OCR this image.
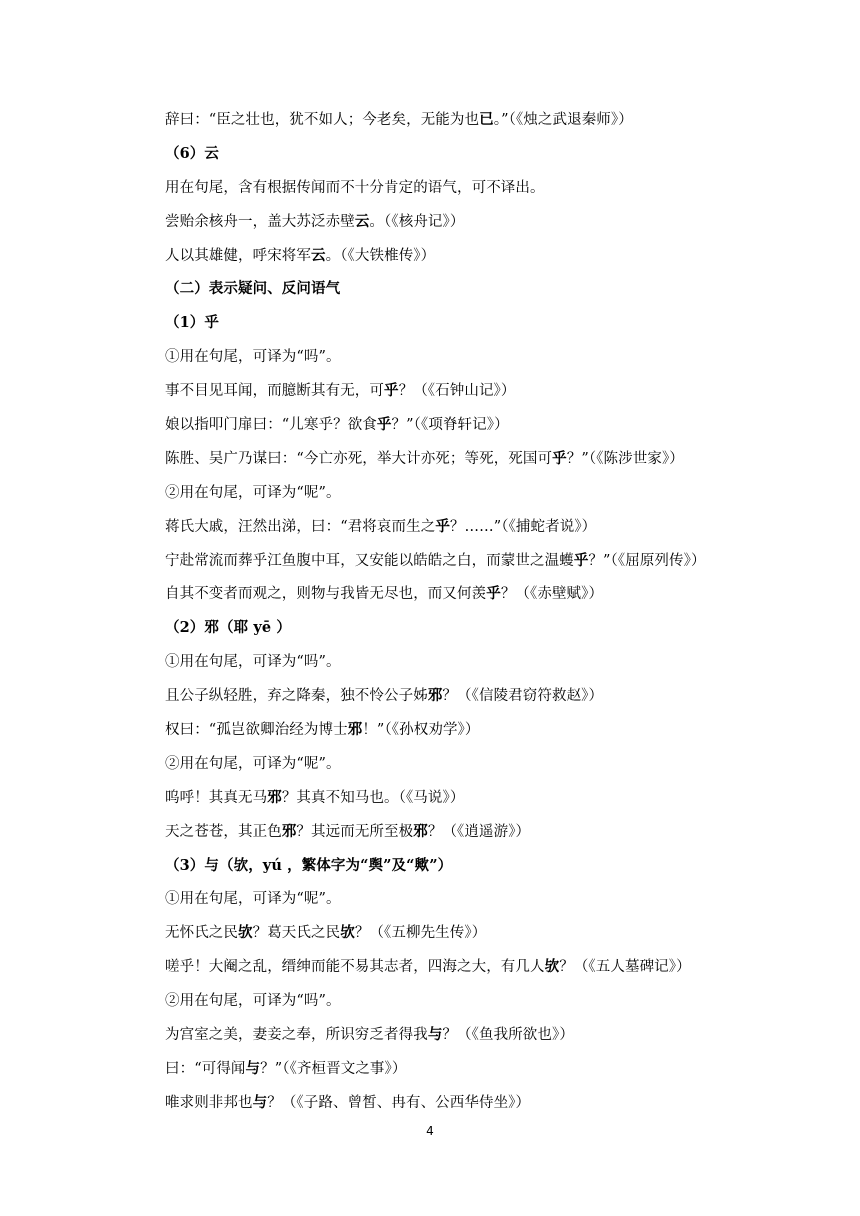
辞曰：“臣之壮也，犹不如人；今老矣，无能为也已。”（《烛之武退秦师》）
（6）云
用在句尾，含有根据传闻而不十分肯定的语气，可不译出。
尝贻余核舟一，盖大苏泛赤壁云。（《核舟记》）
人以其雄健，呼宋将军云。（《大铁椎传》）
（二）表示疑问、反问语气
（1）乎
①用在句尾，可译为“吗”。
事不目见耳闻，而臆断其有无，可乎？（《石钟山记》）
娘以指叩门扉曰：“儿寒乎？欲食乎？”（《项脊轩记》）
陈胜、吴广乃谋曰：“今亡亦死，举大计亦死；等死，死国可乎？”（《陈涉世家》）
②用在句尾，可译为“呢”。
蒋氏大戚，汪然出涕，曰：“君将哀而生之乎？……”（《捕蛇者说》）
宁赴常流而葬乎江鱼腹中耳，又安能以皓皓之白，而蒙世之温蠖乎？”（《屈原列传》）
自其不变者而观之，则物与我皆无尽也，而又何羡乎？（《赤壁赋》）
（2）邪（耶 yē ）
①用在句尾，可译为“吗”。
且公子纵轻胜，弃之降秦，独不怜公子姊邪？（《信陵君窃符救赵》）
权曰：“孤岂欲卿治经为博士邪！”（《孙权劝学》）
②用在句尾，可译为“呢”。
呜呼！其真无马邪？其真不知马也。（《马说》）
天之苍苍，其正色邪？其远而无所至极邪？（《逍遥游》）
（3）与（欤，yú ，繁体字为“舆”及“歟”）
①用在句尾，可译为“呢”。
无怀氏之民欤？葛天氏之民欤？（《五柳先生传》）
嗟乎！大阉之乱，缙绅而能不易其志者，四海之大，有几人欤？（《五人墓碑记》）
②用在句尾，可译为“吗”。
为宫室之美，妻妾之奉，所识穷乏者得我与？（《鱼我所欲也》）
曰：“可得闻与？”（《齐桓晋文之事》）
唯求则非邦也与？（《子路、曾皙、冉有、公西华侍坐》）
4
